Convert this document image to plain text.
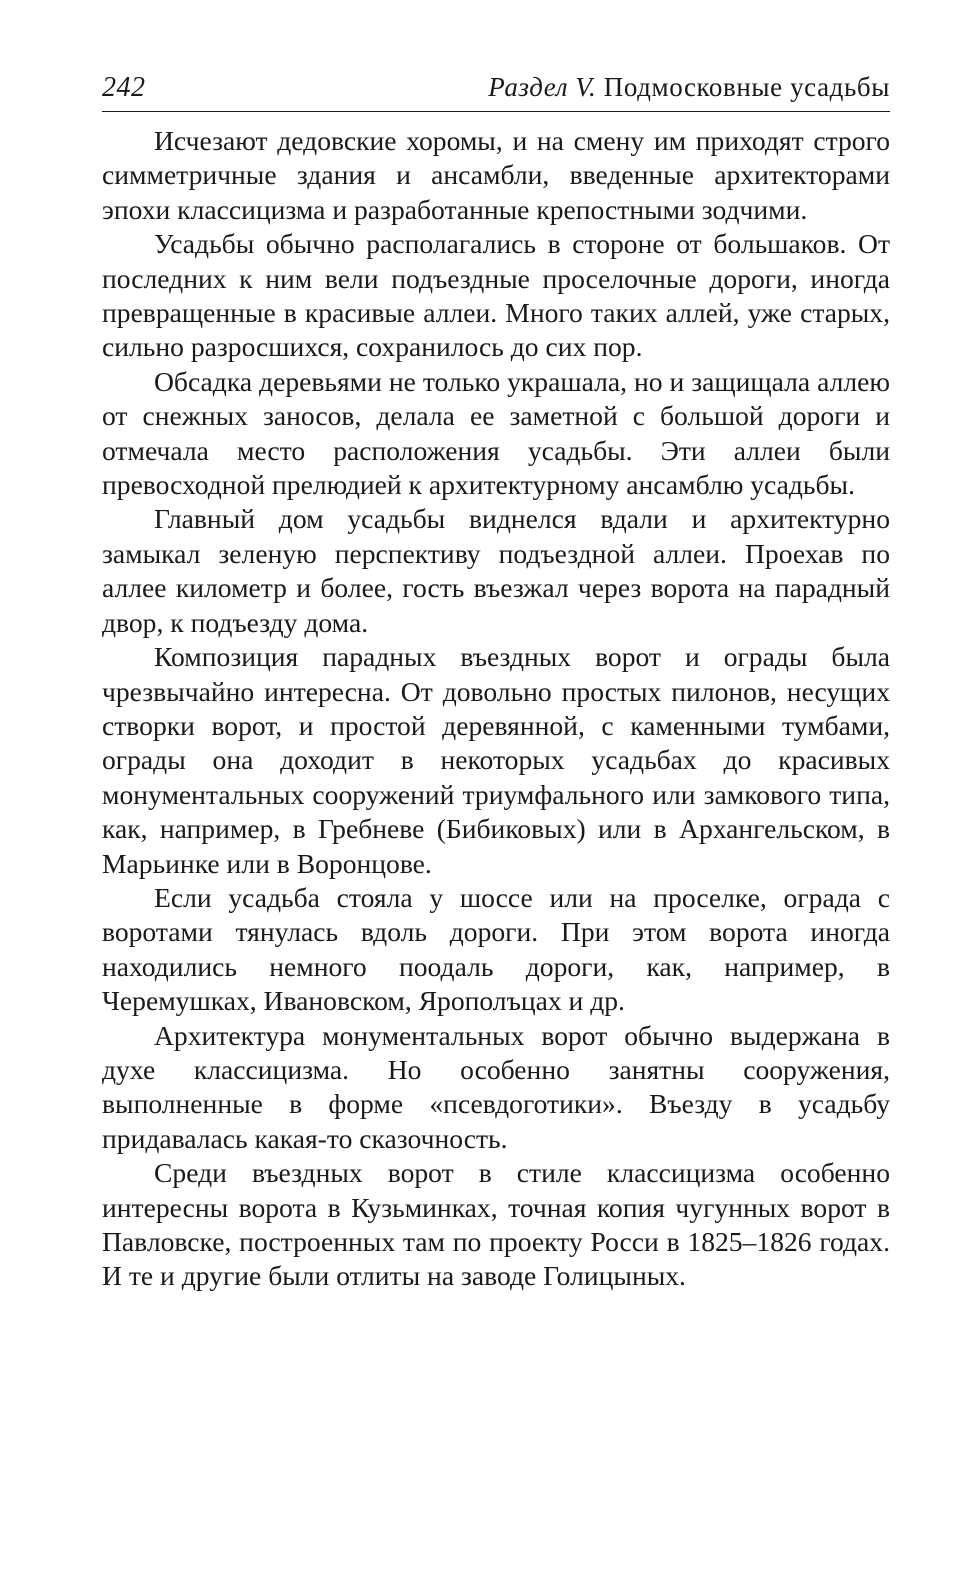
242	Раздел V. Подмосковные усадьбы

Исчезают дедовские хоромы, и на смену им приходят строго симметричные здания и ансамбли, введенные архитекторами эпохи классицизма и разработанные крепостными зодчими.

Усадьбы обычно располагались в стороне от большаков. От последних к ним вели подъездные проселочные дороги, иногда превращенные в красивые аллеи. Много таких аллей, уже старых, сильно разросшихся, сохранилось до сих пор.

Обсадка деревьями не только украшала, но и защищала аллею от снежных заносов, делала ее заметной с большой дороги и отмечала место расположения усадьбы. Эти аллеи были превосходной прелюдией к архитектурному ансамблю усадьбы.

Главный дом усадьбы виднелся вдали и архитектурно замыкал зеленую перспективу подъездной аллеи. Проехав по аллее километр и более, гость въезжал через ворота на парадный двор, к подъезду дома.

Композиция парадных въездных ворот и ограды была чрезвычайно интересна. От довольно простых пилонов, несущих створки ворот, и простой деревянной, с каменными тумбами, ограды она доходит в некоторых усадьбах до красивых монументальных сооружений триумфального или замкового типа, как, например, в Гребневе (Бибиковых) или в Архангельском, в Марьинке или в Воронцове.

Если усадьба стояла у шоссе или на проселке, ограда с воротами тянулась вдоль дороги. При этом ворота иногда находились немного поодаль дороги, как, например, в Черемушках, Ивановском, Ярополъцах и др.

Архитектура монументальных ворот обычно выдержана в духе классицизма. Но особенно занятны сооружения, выполненные в форме «псевдоготики». Въезду в усадьбу придавалась какая-то сказочность.

Среди въездных ворот в стиле классицизма особенно интересны ворота в Кузьминках, точная копия чугунных ворот в Павловске, построенных там по проекту Росси в 1825–1826 годах. И те и другие были отлиты на заводе Голицыных.
